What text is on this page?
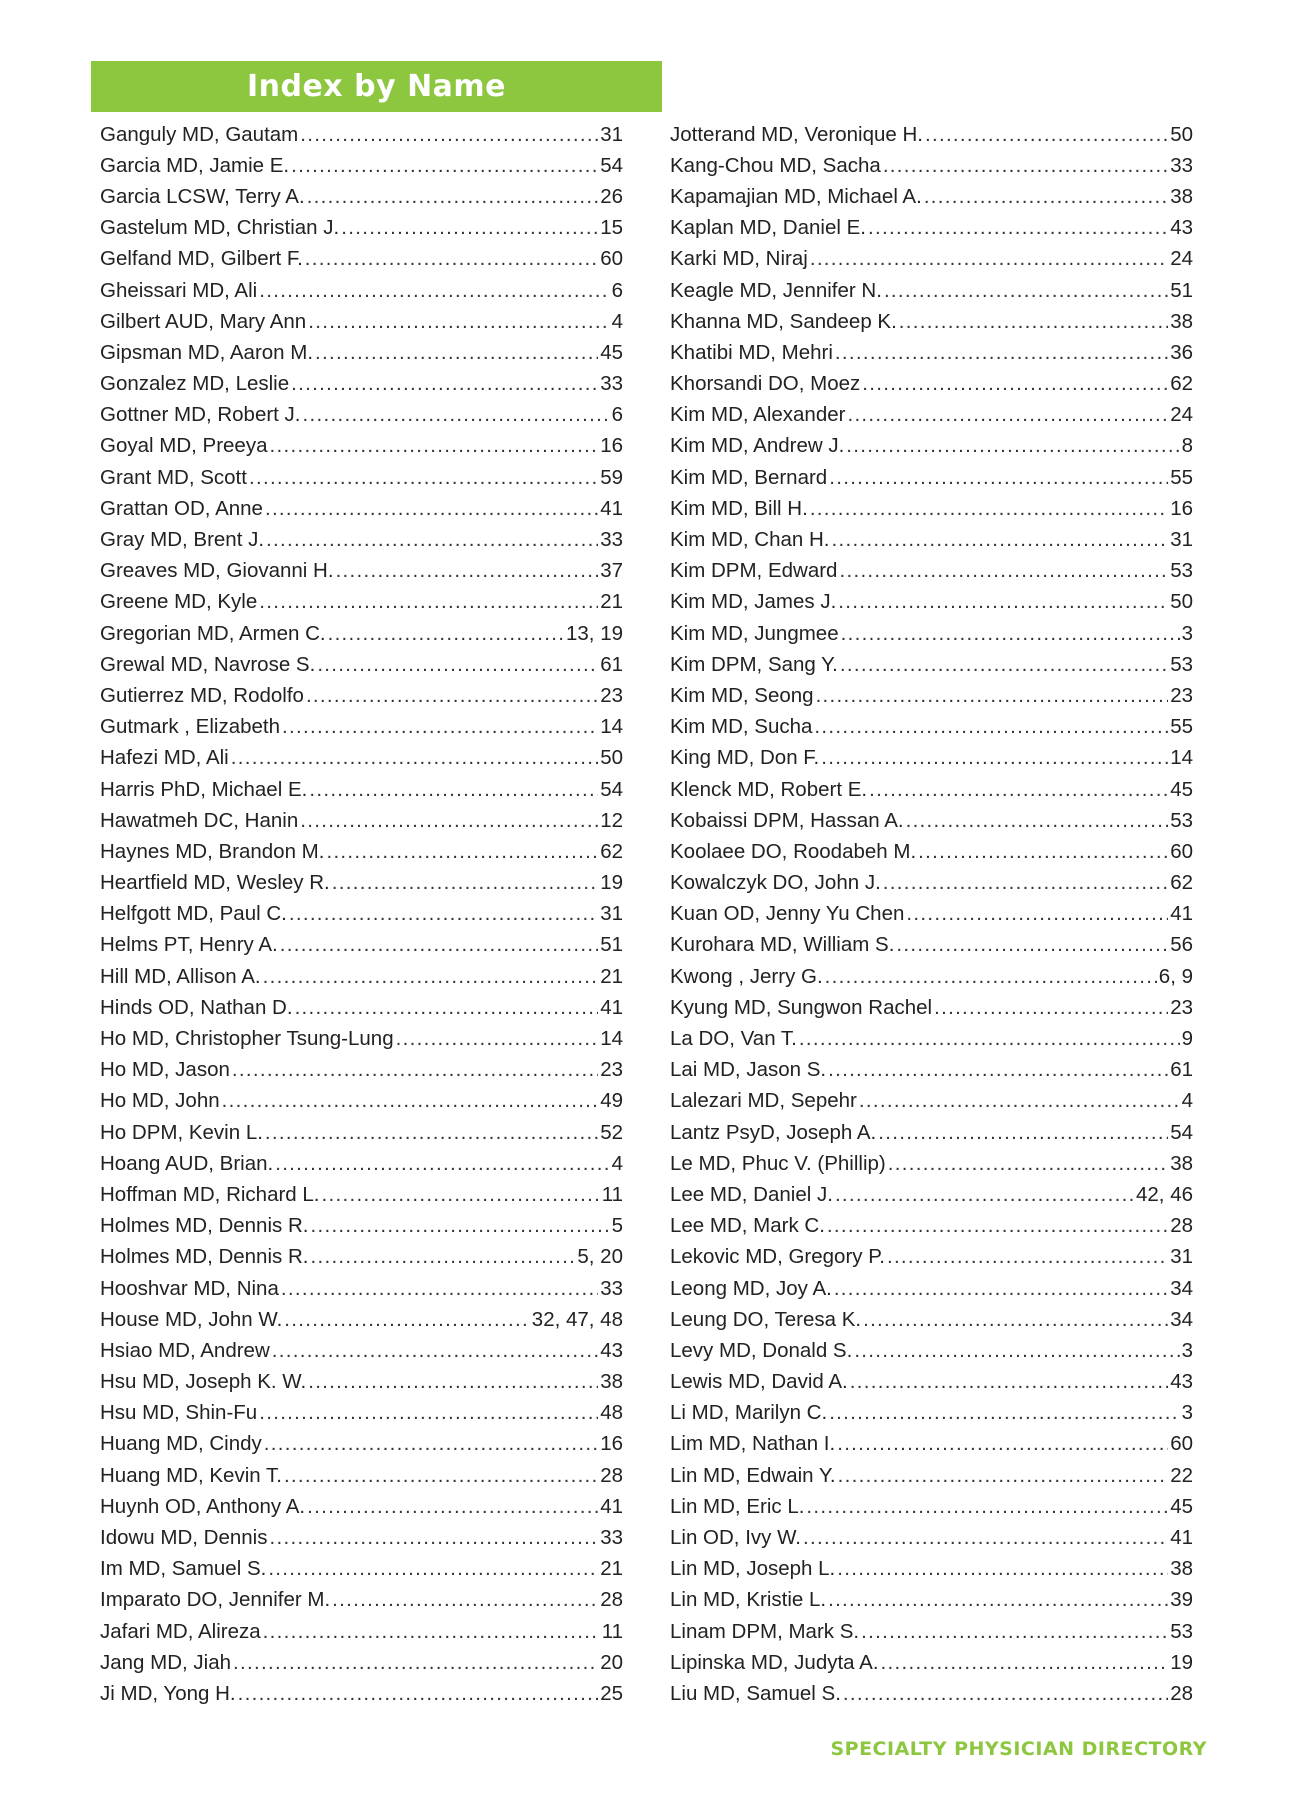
Index by Name
Ganguly MD, Gautam . . .	31
Garcia MD, Jamie E. . . .	54
Garcia LCSW, Terry A. . . .	26
Gastelum MD, Christian J. . . .	15
Gelfand MD, Gilbert F. . . .	60
Gheissari MD, Ali . . .	6
Gilbert AUD, Mary Ann . . .	4
Gipsman MD, Aaron M. . . .	45
Gonzalez MD, Leslie . . .	33
Gottner MD, Robert J. . . .	6
Goyal MD, Preeya . . .	16
Grant MD, Scott . . .	59
Grattan OD, Anne . . .	41
Gray MD, Brent J. . . .	33
Greaves MD, Giovanni H. . . .	37
Greene MD, Kyle . . .	21
Gregorian MD, Armen C. . . .	13, 19
Grewal MD, Navrose S. . . .	61
Gutierrez MD, Rodolfo . . .	23
Gutmark , Elizabeth . . .	14
Hafezi MD, Ali . . .	50
Harris PhD, Michael E. . . .	54
Hawatmeh DC, Hanin . . .	12
Haynes MD, Brandon M. . . .	62
Heartfield MD, Wesley R. . . .	19
Helfgott MD, Paul C. . . .	31
Helms PT, Henry A. . . .	51
Hill MD, Allison A. . . .	21
Hinds OD, Nathan D. . . .	41
Ho MD, Christopher Tsung-Lung . . .	14
Ho MD, Jason . . .	23
Ho MD, John . . .	49
Ho DPM, Kevin L. . . .	52
Hoang AUD, Brian. . . .	4
Hoffman MD, Richard L. . . .	11
Holmes MD, Dennis R. . . .	5
Holmes MD, Dennis R. . . .	5, 20
Hooshvar MD, Nina . . .	33
House MD, John W. . . .	32, 47, 48
Hsiao MD, Andrew . . .	43
Hsu MD, Joseph K. W. . . .	38
Hsu MD, Shin-Fu . . .	48
Huang MD, Cindy . . .	16
Huang MD, Kevin T. . . .	28
Huynh OD, Anthony A. . . .	41
Idowu MD, Dennis . . .	33
Im MD, Samuel S. . . .	21
Imparato DO, Jennifer M. . . .	28
Jafari MD, Alireza . . .	11
Jang MD, Jiah . . .	20
Ji MD, Yong H. . . .	25
Jotterand MD, Veronique H. . . .	50
Kang-Chou MD, Sacha . . .	33
Kapamajian MD, Michael A. . . .	38
Kaplan MD, Daniel E. . . .	43
Karki MD, Niraj . . .	24
Keagle MD, Jennifer N. . . .	51
Khanna MD, Sandeep K. . . .	38
Khatibi MD, Mehri . . .	36
Khorsandi DO, Moez . . .	62
Kim MD, Alexander . . .	24
Kim MD, Andrew J. . . .	8
Kim MD, Bernard . . .	55
Kim MD, Bill H. . . .	16
Kim MD, Chan H. . . .	31
Kim DPM, Edward . . .	53
Kim MD, James J. . . .	50
Kim MD, Jungmee . . .	3
Kim DPM, Sang Y. . . .	53
Kim MD, Seong . . .	23
Kim MD, Sucha . . .	55
King MD, Don F. . . .	14
Klenck MD, Robert E. . . .	45
Kobaissi DPM, Hassan A. . . .	53
Koolaee DO, Roodabeh M. . . .	60
Kowalczyk DO, John J. . . .	62
Kuan OD, Jenny Yu Chen . . .	41
Kurohara MD, William S. . . .	56
Kwong , Jerry G. . . .	6, 9
Kyung MD, Sungwon Rachel . . .	23
La DO, Van T. . . .	9
Lai MD, Jason S. . . .	61
Lalezari MD, Sepehr . . .	4
Lantz PsyD, Joseph A. . . .	54
Le MD, Phuc V. (Phillip) . . .	38
Lee MD, Daniel J. . . .	42, 46
Lee MD, Mark C. . . .	28
Lekovic MD, Gregory P. . . .	31
Leong MD, Joy A. . . .	34
Leung DO, Teresa K. . . .	34
Levy MD, Donald S. . . .	3
Lewis MD, David A. . . .	43
Li MD, Marilyn C. . . .	3
Lim MD, Nathan I. . . .	60
Lin MD, Edwain Y. . . .	22
Lin MD, Eric L. . . .	45
Lin OD, Ivy W. . . .	41
Lin MD, Joseph L. . . .	38
Lin MD, Kristie L. . . .	39
Linam DPM, Mark S. . . .	53
Lipinska MD, Judyta A. . . .	19
Liu MD, Samuel S. . . .	28
SPECIALTY PHYSICIAN DIRECTORY
